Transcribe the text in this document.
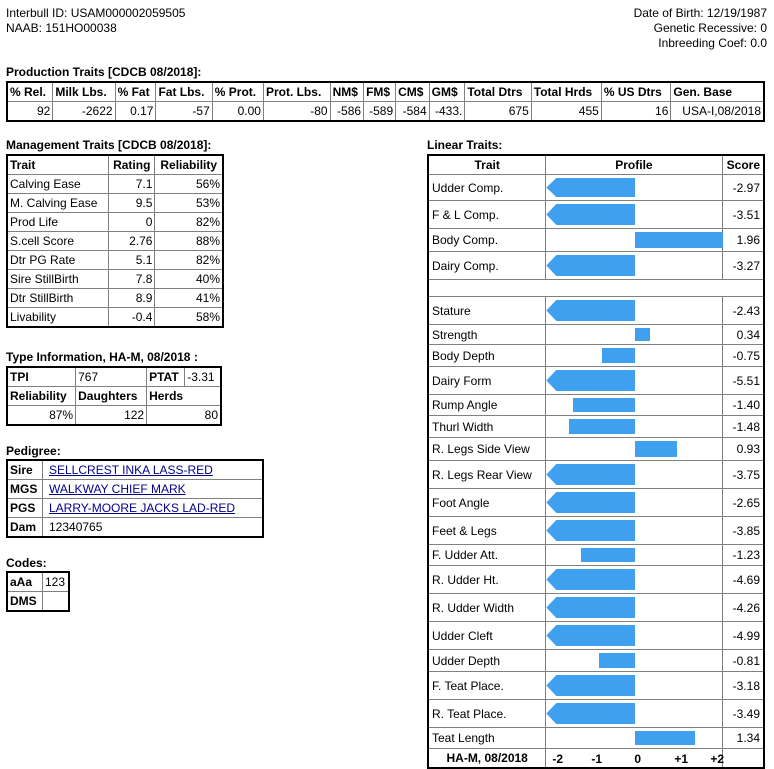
Interbull ID: USAM000002059505
NAAB: 151HO00038
Date of Birth: 12/19/1987
Genetic Recessive: 0
Inbreeding Coef: 0.0
Production Traits [CDCB 08/2018]:
% Rel.	Milk Lbs.	% Fat	Fat Lbs.	% Prot.	Prot. Lbs.	NM$	FM$	CM$	GM$	Total Dtrs	Total Hrds	% US Dtrs	Gen. Base
92	-2622	0.17	-57	0.00	-80	-586	-589	-584	-433.	675	455	16	USA-I,08/2018
Management Traits [CDCB 08/2018]:
Trait	Rating	Reliability
Calving Ease	7.1	56%
M. Calving Ease	9.5	53%
Prod Life	0	82%
S.cell Score	2.76	88%
Dtr PG Rate	5.1	82%
Sire StillBirth	7.8	40%
Dtr StillBirth	8.9	41%
Livability	-0.4	58%
Type Information, HA-M, 08/2018 :
TPI	767	PTAT	-3.31
Reliability	Daughters	Herds	
87%	122	80	
Pedigree:
Sire	SELLCREST INKA LASS-RED
MGS	WALKWAY CHIEF MARK
PGS	LARRY-MOORE JACKS LAD-RED
Dam	12340765
Codes:
aAa	123
DMS	
Linear Traits:
Trait	Profile	Score
Udder Comp.		-2.97
F & L Comp.		-3.51
Body Comp.		1.96
Dairy Comp.		-3.27

Stature		-2.43
Strength		0.34
Body Depth		-0.75
Dairy Form		-5.51
Rump Angle		-1.40
Thurl Width		-1.48
R. Legs Side View		0.93
R. Legs Rear View		-3.75
Foot Angle		-2.65
Feet & Legs		-3.85
F. Udder Att.		-1.23
R. Udder Ht.		-4.69
R. Udder Width		-4.26
Udder Cleft		-4.99
Udder Depth		-0.81
F. Teat Place.		-3.18
R. Teat Place.		-3.49
Teat Length		1.34
HA-M, 08/2018	-2 -1 0 +1 +2	
